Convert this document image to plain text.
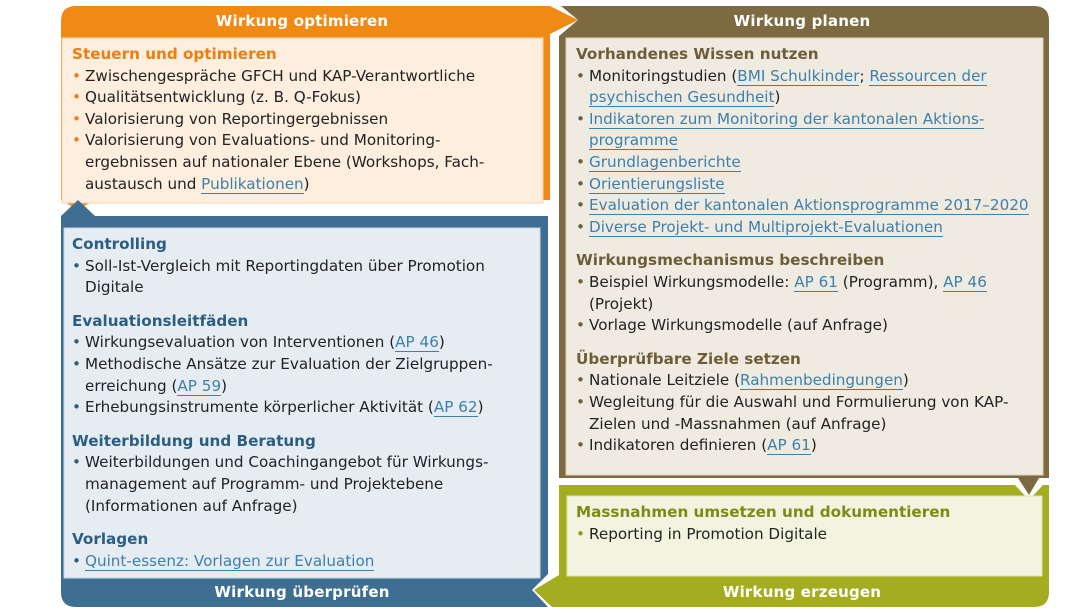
Wirkung optimieren	Wirkung planen
Wirkung überprüfen	Wirkung erzeugen
Steuern und optimieren
• Zwischengespräche GFCH und KAP-Verantwortliche
• Qualitätsentwicklung (z. B. Q-Fokus)
• Valorisierung von Reportingergebnissen
• Valorisierung von Evaluations- und Monitoring-ergebnissen auf nationaler Ebene (Workshops, Fach-austausch und Publikationen)
Vorhandenes Wissen nutzen
• Monitoringstudien (BMI Schulkinder; Ressourcen der psychischen Gesundheit)
• Indikatoren zum Monitoring der kantonalen Aktions-programme
• Grundlagenberichte
• Orientierungsliste
• Evaluation der kantonalen Aktionsprogramme 2017–2020
• Diverse Projekt- und Multiprojekt-Evaluationen
Wirkungsmechanismus beschreiben
• Beispiel Wirkungsmodelle: AP 61 (Programm), AP 46 (Projekt)
• Vorlage Wirkungsmodelle (auf Anfrage)
Überprüfbare Ziele setzen
• Nationale Leitziele (Rahmenbedingungen)
• Wegleitung für die Auswahl und Formulierung von KAP-Zielen und -Massnahmen (auf Anfrage)
• Indikatoren definieren (AP 61)
Controlling
• Soll-Ist-Vergleich mit Reportingdaten über Promotion Digitale
Evaluationsleitfäden
• Wirkungsevaluation von Interventionen (AP 46)
• Methodische Ansätze zur Evaluation der Zielgruppen-erreichung (AP 59)
• Erhebungsinstrumente körperlicher Aktivität (AP 62)
Weiterbildung und Beratung
• Weiterbildungen und Coachingangebot für Wirkungs-management auf Programm- und Projektebene (Informationen auf Anfrage)
Vorlagen
• Quint-essenz: Vorlagen zur Evaluation
Massnahmen umsetzen und dokumentieren
• Reporting in Promotion Digitale
